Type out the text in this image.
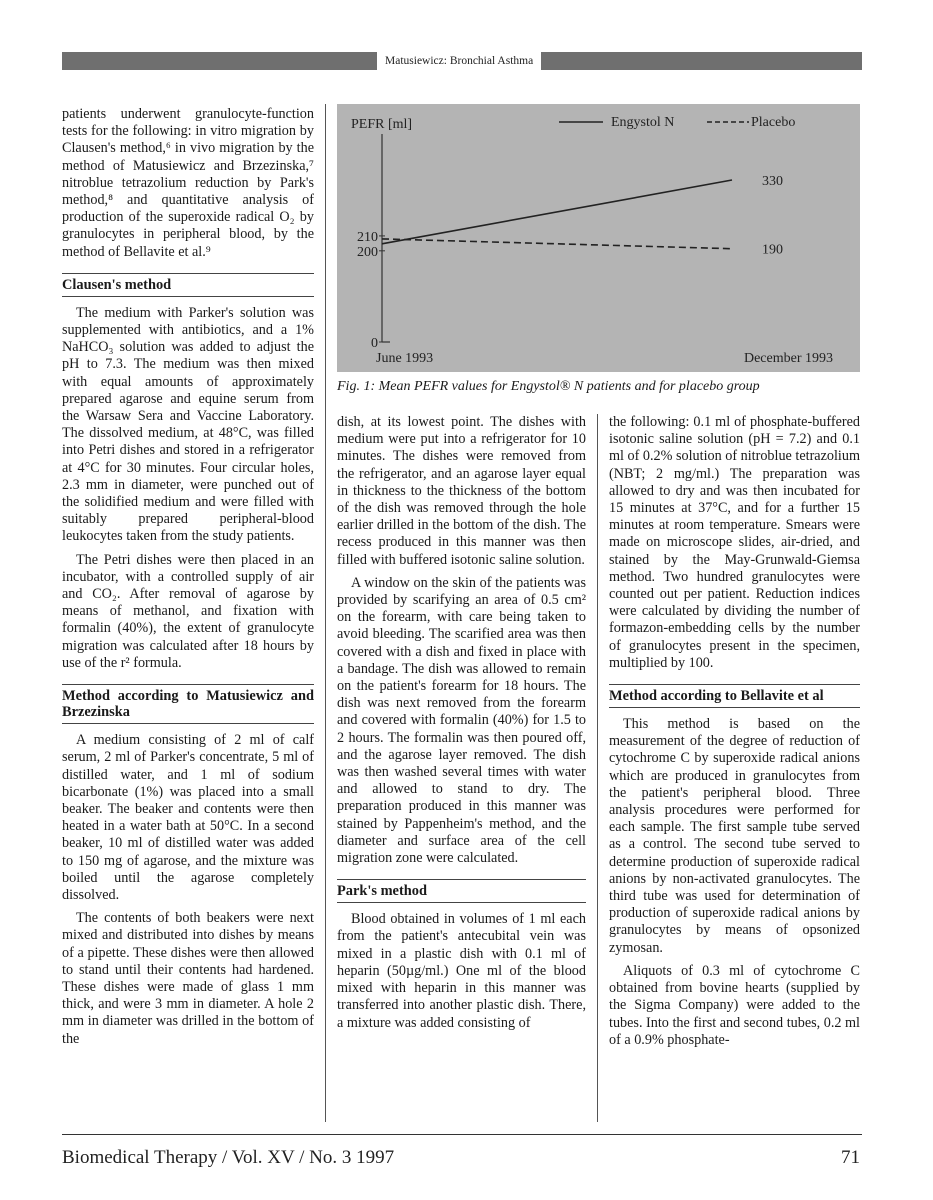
Matusiewicz: Bronchial Asthma

patients underwent granulocyte-function tests for the following: in vitro migration by Clausen's method,⁶ in vivo migration by the method of Matusiewicz and Brzezinska,⁷ nitroblue tetrazolium reduction by Park's method,⁸ and quantitative analysis of production of the superoxide radical O₂ by granulocytes in peripheral blood, by the method of Bellavite et al.⁹

Clausen's method

The medium with Parker's solution was supplemented with antibiotics, and a 1% NaHCO₃ solution was added to adjust the pH to 7.3. The medium was then mixed with equal amounts of approximately prepared agarose and equine serum from the Warsaw Sera and Vaccine Laboratory. The dissolved medium, at 48°C, was filled into Petri dishes and stored in a refrigerator at 4°C for 30 minutes. Four circular holes, 2.3 mm in diameter, were punched out of the solidified medium and were filled with suitably prepared peripheral-blood leukocytes taken from the study patients.

The Petri dishes were then placed in an incubator, with a controlled supply of air and CO₂. After removal of agarose by means of methanol, and fixation with formalin (40%), the extent of granulocyte migration was calculated after 18 hours by use of the r² formula.

Method according to Matusiewicz and Brzezinska

A medium consisting of 2 ml of calf serum, 2 ml of Parker's concentrate, 5 ml of distilled water, and 1 ml of sodium bicarbonate (1%) was placed into a small beaker. The beaker and contents were then heated in a water bath at 50°C. In a second beaker, 10 ml of distilled water was added to 150 mg of agarose, and the mixture was boiled until the agarose completely dissolved.

The contents of both beakers were next mixed and distributed into dishes by means of a pipette. These dishes were then allowed to stand until their contents had hardened. These dishes were made of glass 1 mm thick, and were 3 mm in diameter. A hole 2 mm in diameter was drilled in the bottom of the

PEFR [ml]
0
200
210
330
190
Engystol N	Placebo
June 1993	December 1993
Fig. 1: Mean PEFR values for Engystol® N patients and for placebo group

dish, at its lowest point. The dishes with medium were put into a refrigerator for 10 minutes. The dishes were removed from the refrigerator, and an agarose layer equal in thickness to the thickness of the bottom of the dish was removed through the hole earlier drilled in the bottom of the dish. The recess produced in this manner was then filled with buffered isotonic saline solution.

A window on the skin of the patients was provided by scarifying an area of 0.5 cm² on the forearm, with care being taken to avoid bleeding. The scarified area was then covered with a dish and fixed in place with a bandage. The dish was allowed to remain on the patient's forearm for 18 hours. The dish was next removed from the forearm and covered with formalin (40%) for 1.5 to 2 hours. The formalin was then poured off, and the agarose layer removed. The dish was then washed several times with water and allowed to stand to dry. The preparation produced in this manner was stained by Pappenheim's method, and the diameter and surface area of the cell migration zone were calculated.

Park's method

Blood obtained in volumes of 1 ml each from the patient's antecubital vein was mixed in a plastic dish with 0.1 ml of heparin (50µg/ml.) One ml of the blood mixed with heparin in this manner was transferred into another plastic dish. There, a mixture was added consisting of

the following: 0.1 ml of phosphate-buffered isotonic saline solution (pH = 7.2) and 0.1 ml of 0.2% solution of nitroblue tetrazolium (NBT; 2 mg/ml.) The preparation was allowed to dry and was then incubated for 15 minutes at 37°C, and for a further 15 minutes at room temperature. Smears were made on microscope slides, air-dried, and stained by the May-Grunwald-Giemsa method. Two hundred granulocytes were counted out per patient. Reduction indices were calculated by dividing the number of formazon-embedding cells by the number of granulocytes present in the specimen, multiplied by 100.

Method according to Bellavite et al

This method is based on the measurement of the degree of reduction of cytochrome C by superoxide radical anions which are produced in granulocytes from the patient's peripheral blood. Three analysis procedures were performed for each sample. The first sample tube served as a control. The second tube served to determine production of superoxide radical anions by non-activated granulocytes. The third tube was used for determination of production of superoxide radical anions by granulocytes by means of opsonized zymosan.

Aliquots of 0.3 ml of cytochrome C obtained from bovine hearts (supplied by the Sigma Company) were added to the tubes. Into the first and second tubes, 0.2 ml of a 0.9% phosphate-

Biomedical Therapy / Vol. XV / No. 3 1997	71
